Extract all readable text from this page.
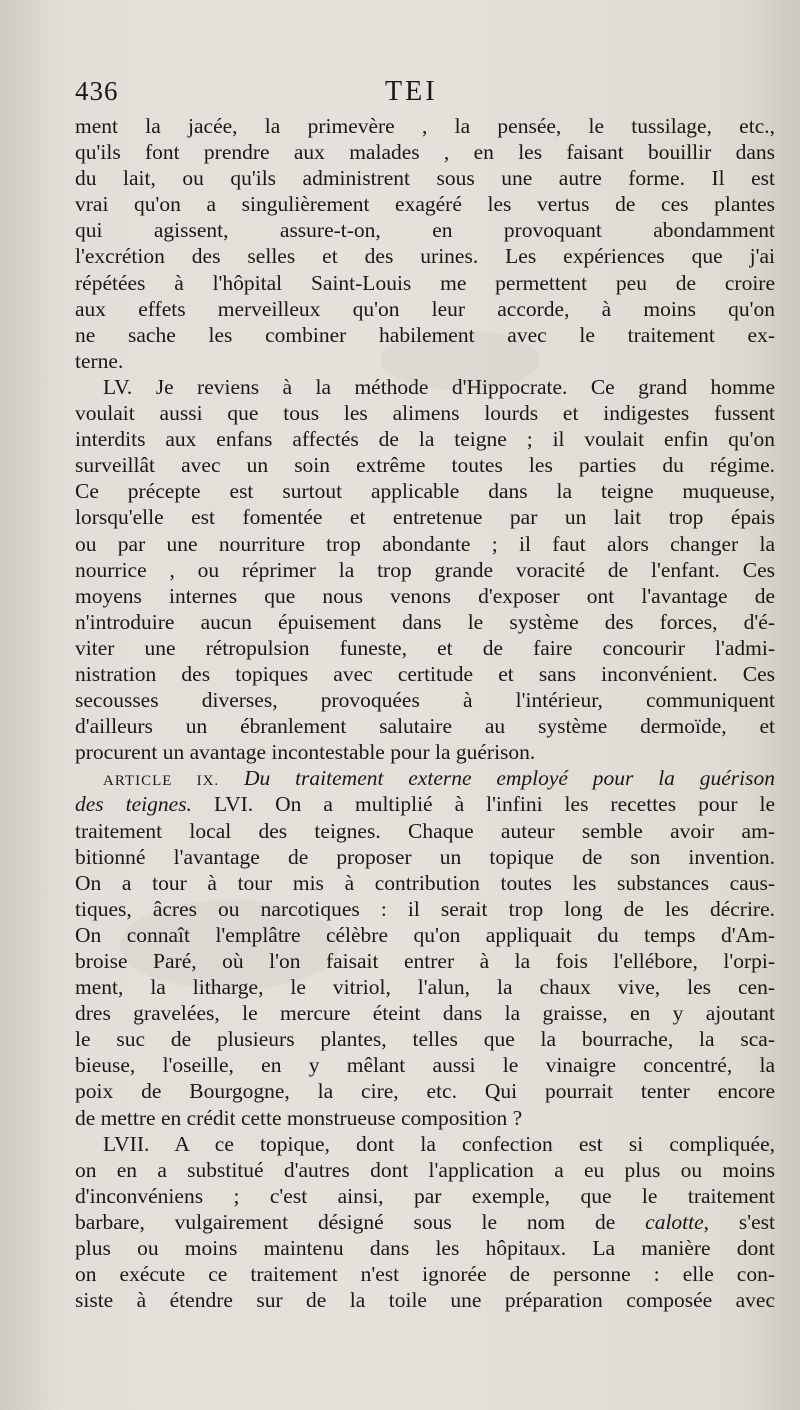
436	TEI
ment la jacée, la primevère , la pensée, le tussilage, etc.,
qu'ils font prendre aux malades , en les faisant bouillir dans
du lait, ou qu'ils administrent sous une autre forme. Il est
vrai qu'on a singulièrement exagéré les vertus de ces plantes
qui agissent, assure-t-on, en provoquant abondamment
l'excrétion des selles et des urines. Les expériences que j'ai
répétées à l'hôpital Saint-Louis me permettent peu de croire
aux effets merveilleux qu'on leur accorde, à moins qu'on
ne sache les combiner habilement avec le traitement ex-
terne.
LV. Je reviens à la méthode d'Hippocrate. Ce grand homme
voulait aussi que tous les alimens lourds et indigestes fussent
interdits aux enfans affectés de la teigne ; il voulait enfin qu'on
surveillât avec un soin extrême toutes les parties du régime.
Ce précepte est surtout applicable dans la teigne muqueuse,
lorsqu'elle est fomentée et entretenue par un lait trop épais
ou par une nourriture trop abondante ; il faut alors changer la
nourrice , ou réprimer la trop grande voracité de l'enfant. Ces
moyens internes que nous venons d'exposer ont l'avantage de
n'introduire aucun épuisement dans le système des forces, d'é-
viter une rétropulsion funeste, et de faire concourir l'admi-
nistration des topiques avec certitude et sans inconvénient. Ces
secousses diverses, provoquées à l'intérieur, communiquent
d'ailleurs un ébranlement salutaire au système dermoïde, et
procurent un avantage incontestable pour la guérison.
ARTICLE IX. Du traitement externe employé pour la guérison
des teignes. LVI. On a multiplié à l'infini les recettes pour le
traitement local des teignes. Chaque auteur semble avoir am-
bitionné l'avantage de proposer un topique de son invention.
On a tour à tour mis à contribution toutes les substances caus-
tiques, âcres ou narcotiques : il serait trop long de les décrire.
On connaît l'emplâtre célèbre qu'on appliquait du temps d'Am-
broise Paré, où l'on faisait entrer à la fois l'ellébore, l'orpi-
ment, la litharge, le vitriol, l'alun, la chaux vive, les cen-
dres gravelées, le mercure éteint dans la graisse, en y ajoutant
le suc de plusieurs plantes, telles que la bourrache, la sca-
bieuse, l'oseille, en y mêlant aussi le vinaigre concentré, la
poix de Bourgogne, la cire, etc. Qui pourrait tenter encore
de mettre en crédit cette monstrueuse composition ?
LVII. A ce topique, dont la confection est si compliquée,
on en a substitué d'autres dont l'application a eu plus ou moins
d'inconvéniens ; c'est ainsi, par exemple, que le traitement
barbare, vulgairement désigné sous le nom de calotte, s'est
plus ou moins maintenu dans les hôpitaux. La manière dont
on exécute ce traitement n'est ignorée de personne : elle con-
siste à étendre sur de la toile une préparation composée avec
